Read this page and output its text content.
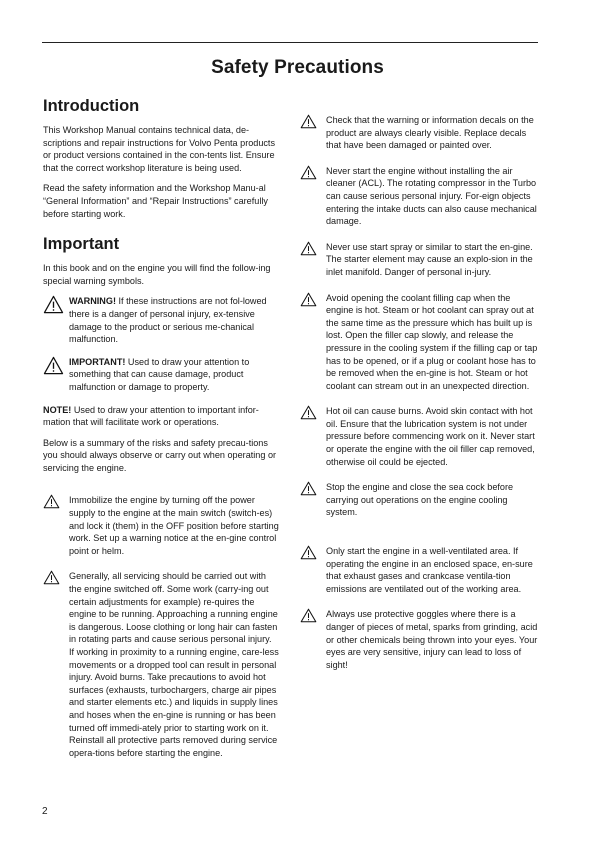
Safety Precautions
Introduction

This Workshop Manual contains technical data, de-scriptions and repair instructions for Volvo Penta products or product versions contained in the con-tents list. Ensure that the correct workshop literature is being used.

Read the safety information and the Workshop Manu-al “General Information” and “Repair Instructions” carefully before starting work.

Important

In this book and on the engine you will find the follow-ing special warning symbols.

WARNING! If these instructions are not fol-lowed there is a danger of personal injury, ex-tensive damage to the product or serious me-chanical malfunction.
IMPORTANT! Used to draw your attention to something that can cause damage, product malfunction or damage to property.

NOTE! Used to draw your attention to important infor-mation that will facilitate work or operations.

Below is a summary of the risks and safety precau-tions you should always observe or carry out when operating or servicing the engine.

Immobilize the engine by turning off the power supply to the engine at the main switch (switch-es) and lock it (them) in the OFF position before starting work. Set up a warning notice at the en-gine control point or helm.
Generally, all servicing should be carried out with the engine switched off. Some work (carry-ing out certain adjustments for example) re-quires the engine to be running. Approaching a running engine is dangerous. Loose clothing or long hair can fasten in rotating parts and cause serious personal injury.
If working in proximity to a running engine, care-less movements or a dropped tool can result in personal injury. Avoid burns. Take precautions to avoid hot surfaces (exhausts, turbochargers, charge air pipes and starter elements etc.) and liquids in supply lines and hoses when the en-gine is running or has been turned off immedi-ately prior to starting work on it. Reinstall all protective parts removed during service opera-tions before starting the engine.
Check that the warning or information decals on the product are always clearly visible. Replace decals that have been damaged or painted over.
Never start the engine without installing the air cleaner (ACL). The rotating compressor in the Turbo can cause serious personal injury. For-eign objects entering the intake ducts can also cause mechanical damage.
Never use start spray or similar to start the en-gine. The starter element may cause an explo-sion in the inlet manifold. Danger of personal in-jury.
Avoid opening the coolant filling cap when the engine is hot. Steam or hot coolant can spray out at the same time as the pressure which has built up is lost. Open the filler cap slowly, and release the pressure in the cooling system if the filling cap or tap has to be opened, or if a plug or coolant hose has to be removed when the en-gine is hot. Steam or hot coolant can stream out in an unexpected direction.
Hot oil can cause burns. Avoid skin contact with hot oil. Ensure that the lubrication system is not under pressure before commencing work on it. Never start or operate the engine with the oil filler cap removed, otherwise oil could be ejected.
Stop the engine and close the sea cock before carrying out operations on the engine cooling system.
Only start the engine in a well-ventilated area. If operating the engine in an enclosed space, en-sure that exhaust gases and crankcase ventila-tion emissions are ventilated out of the working area.
Always use protective goggles where there is a danger of pieces of metal, sparks from grinding, acid or other chemicals being thrown into your eyes. Your eyes are very sensitive, injury can lead to loss of sight!
2
